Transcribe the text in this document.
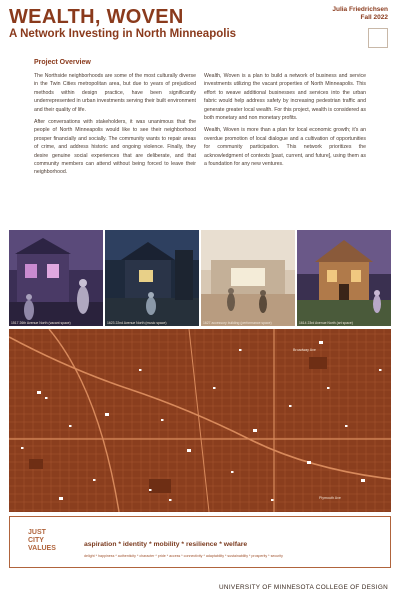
WEALTH, WOVEN
A Network Investing in North Minneapolis
Julia Friedrichsen
Fall 2022
Project Overview

The Northside neighborhoods are some of the most culturally diverse in the Twin Cities metropolitan area, but due to years of prejudiced methods within design practice, have been significantly underrepresented in urban investments serving their built environment and their quality of life.

After conversations with stakeholders, it was unanimous that the people of North Minneapolis would like to see their neighborhood prosper financially and socially. The community wants to repair areas of crime, and address historic and ongoing violence. Finally, they desire genuine social experiences that are deliberate, and that community members can attend without being forced to leave their neighborhood.

Wealth, Woven is a plan to build a network of business and service investments utilizing the vacant properties of North Minneapolis. This effort to weave additional businesses and services into the urban fabric would help address safety by increasing pedestrian traffic and generate greater local wealth. For this project, wealth is considered as both monetary and non monetary profits.

Wealth, Woven is more than a plan for local economic growth; it's an overdue promotion of local dialogue and a cultivation of opportunities for community participation. This network prioritizes the acknowledgment of contexts [past, current, and future], using them as a foundation for any new ventures.

1517 26th Avenue North (vacant space)	1623 22nd Avenue North (music space)	1627 accessory building (performance space)	1614 23rd Avenue North (art space)
Broadway Ave
Plymouth Ave
JUST
CITY
VALUES
aspiration * identity * mobility * resilience * welfare
delight * happiness * authenticity * character * pride * access * connectivity * adaptability * sustainability * prosperity * security
UNIVERSITY OF MINNESOTA COLLEGE OF DESIGN
